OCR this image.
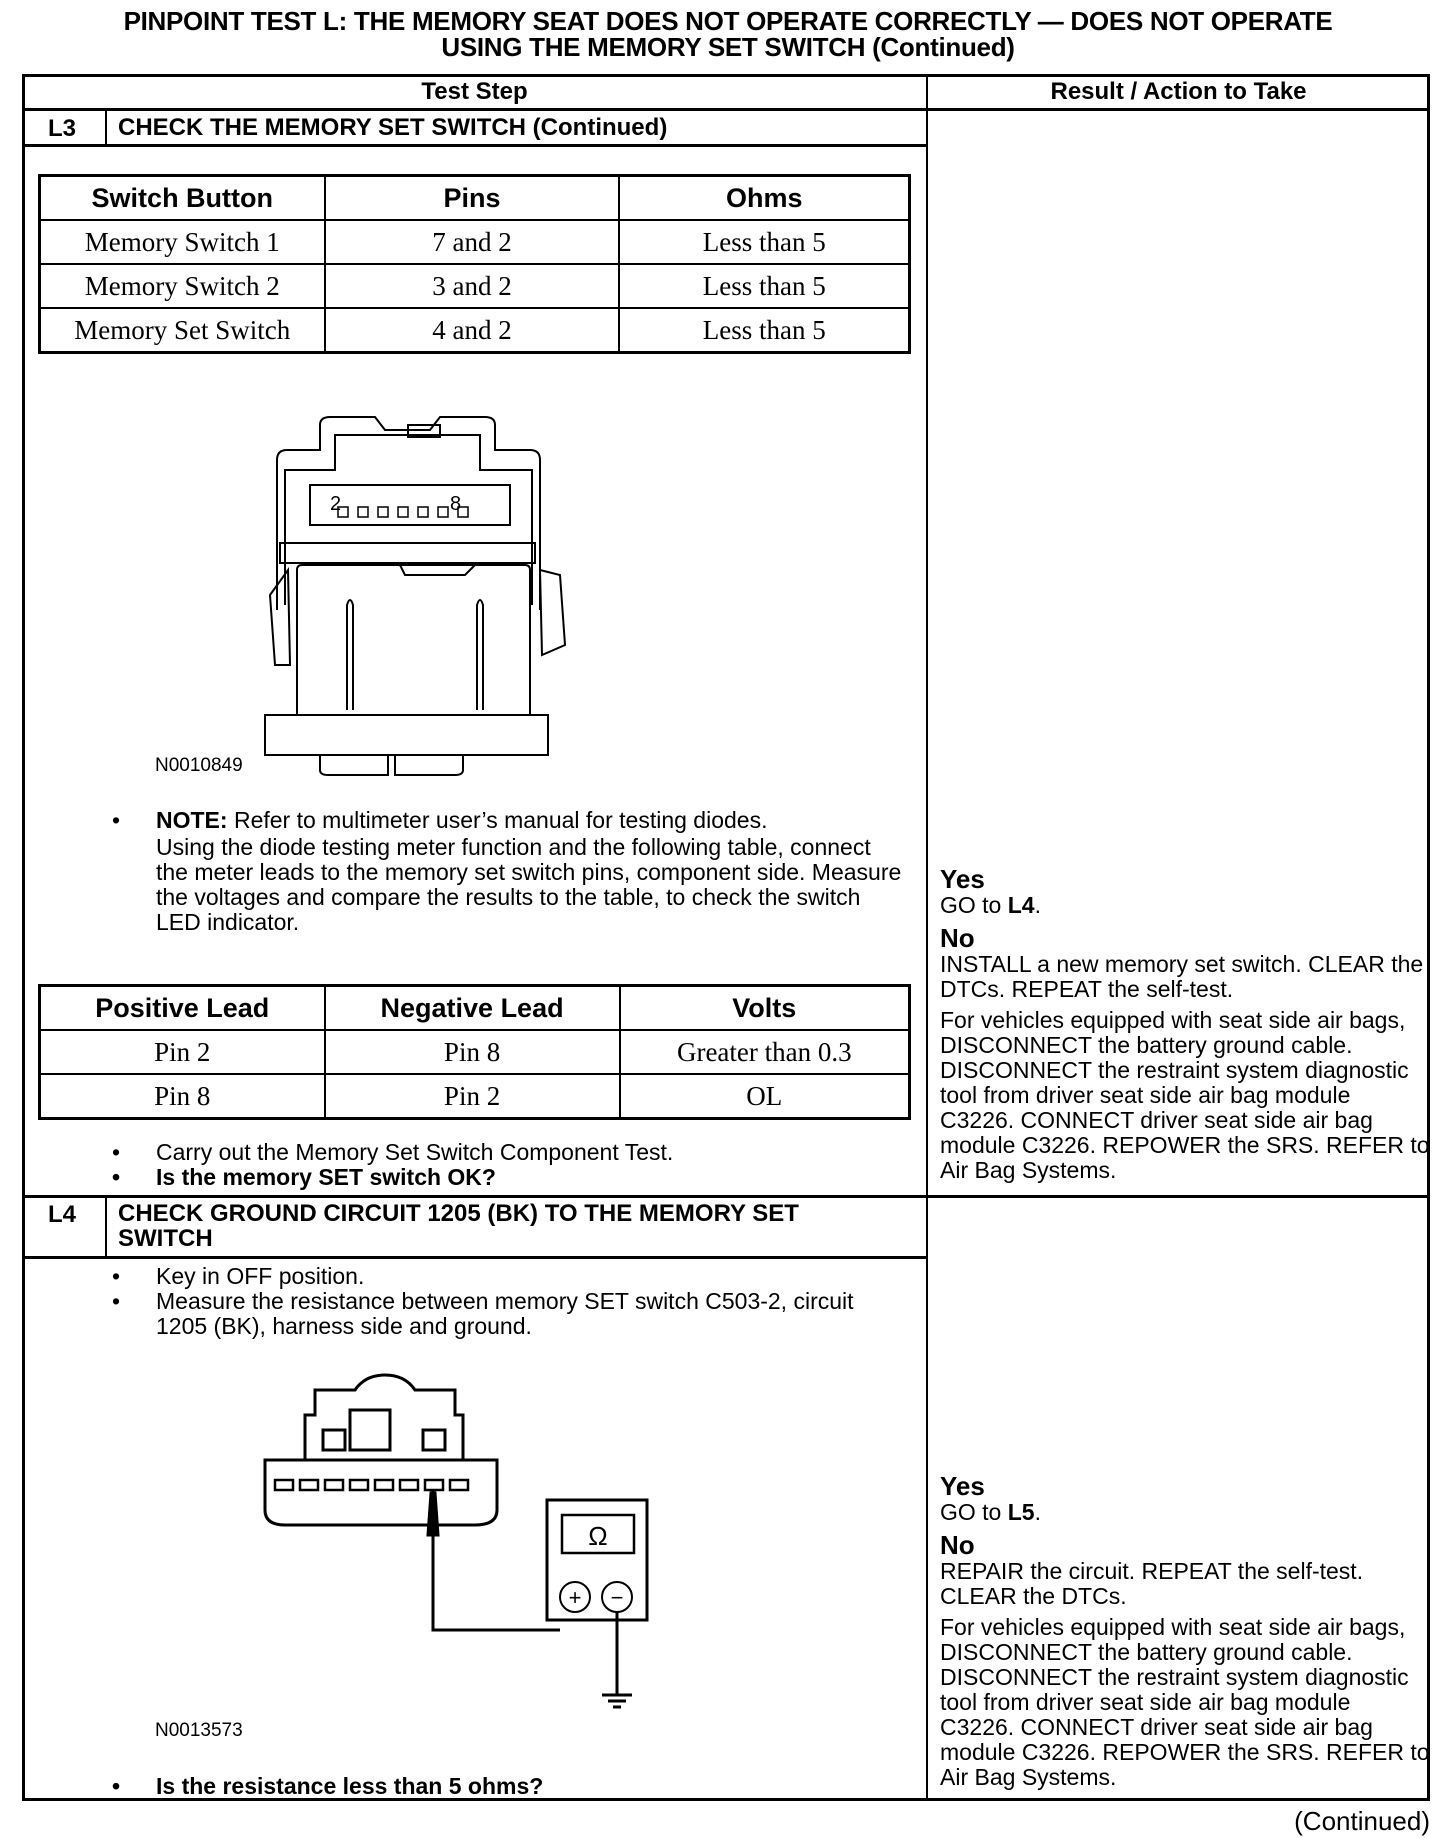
PINPOINT TEST L: THE MEMORY SEAT DOES NOT OPERATE CORRECTLY — DOES NOT OPERATE
USING THE MEMORY SET SWITCH (Continued)
Test Step	Result / Action to Take
L3 CHECK THE MEMORY SET SWITCH (Continued)
Switch Button	Pins	Ohms
Memory Switch 1	7 and 2	Less than 5
Memory Switch 2	3 and 2	Less than 5
Memory Set Switch	4 and 2	Less than 5
2	8
N0010849
• NOTE: Refer to multimeter user’s manual for testing diodes.
Using the diode testing meter function and the following table, connect the meter leads to the memory set switch pins, component side. Measure the voltages and compare the results to the table, to check the switch LED indicator.
Positive Lead	Negative Lead	Volts
Pin 2	Pin 8	Greater than 0.3
Pin 8	Pin 2	OL
• Carry out the Memory Set Switch Component Test.
• Is the memory SET switch OK?
Yes

GO to L4.

No

INSTALL a new memory set switch. CLEAR the DTCs. REPEAT the self-test.

For vehicles equipped with seat side air bags, DISCONNECT the battery ground cable. DISCONNECT the restraint system diagnostic tool from driver seat side air bag module C3226. CONNECT driver seat side air bag module C3226. REPOWER the SRS. REFER to Air Bag Systems.

L4 CHECK GROUND CIRCUIT 1205 (BK) TO THE MEMORY SET SWITCH
• Key in OFF position.
• Measure the resistance between memory SET switch C503-2, circuit 1205 (BK), harness side and ground.
Ω
+ −
N0013573
• Is the resistance less than 5 ohms?
Yes

GO to L5.

No

REPAIR the circuit. REPEAT the self-test. CLEAR the DTCs.

For vehicles equipped with seat side air bags, DISCONNECT the battery ground cable. DISCONNECT the restraint system diagnostic tool from driver seat side air bag module C3226. CONNECT driver seat side air bag module C3226. REPOWER the SRS. REFER to Air Bag Systems.

(Continued)
